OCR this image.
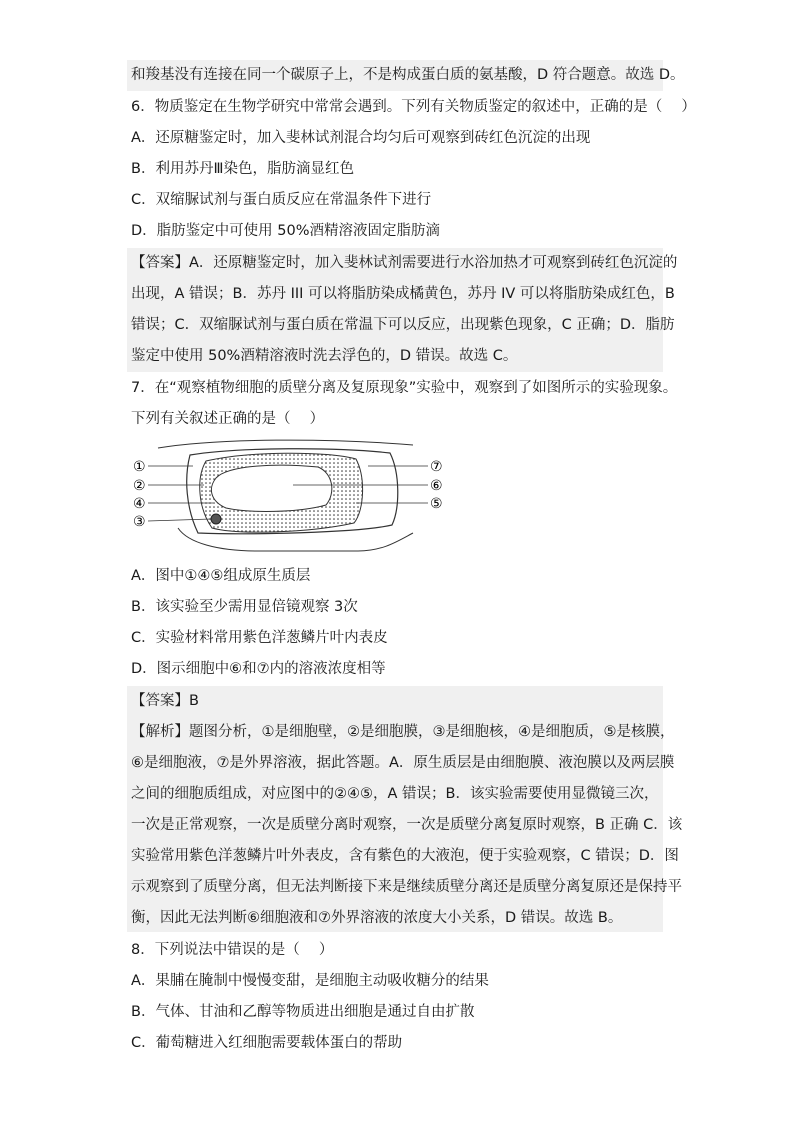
和羧基没有连接在同一个碳原子上，不是构成蛋白质的氨基酸，D 符合题意。故选 D。
6．物质鉴定在生物学研究中常常会遇到。下列有关物质鉴定的叙述中，正确的是（　 ）
A．还原糖鉴定时，加入斐林试剂混合均匀后可观察到砖红色沉淀的出现
B．利用苏丹Ⅲ染色，脂肪滴显红色
C．双缩脲试剂与蛋白质反应在常温条件下进行
D．脂肪鉴定中可使用 50%酒精溶液固定脂肪滴
【答案】A．还原糖鉴定时，加入斐林试剂需要进行水浴加热才可观察到砖红色沉淀的
出现，A 错误；B．苏丹 III 可以将脂肪染成橘黄色，苏丹 IV 可以将脂肪染成红色，B
错误；C．双缩脲试剂与蛋白质在常温下可以反应，出现紫色现象，C 正确；D．脂肪
鉴定中使用 50%酒精溶液时洗去浮色的，D 错误。故选 C。
7．在“观察植物细胞的质壁分离及复原现象”实验中，观察到了如图所示的实验现象。
下列有关叙述正确的是（　 ）
①
②
④
③
⑦
⑥
⑤
A．图中①④⑤组成原生质层
B．该实验至少需用显倍镜观察 3次
C．实验材料常用紫色洋葱鳞片叶内表皮
D．图示细胞中⑥和⑦内的溶液浓度相等
【答案】B
【解析】题图分析，①是细胞壁，②是细胞膜，③是细胞核，④是细胞质，⑤是核膜，
⑥是细胞液，⑦是外界溶液，据此答题。A．原生质层是由细胞膜、液泡膜以及两层膜
之间的细胞质组成，对应图中的②④⑤，A 错误；B．该实验需要使用显微镜三次，
一次是正常观察，一次是质壁分离时观察，一次是质壁分离复原时观察，B 正确 C．该
实验常用紫色洋葱鳞片叶外表皮，含有紫色的大液泡，便于实验观察，C 错误；D．图
示观察到了质壁分离，但无法判断接下来是继续质壁分离还是质壁分离复原还是保持平
衡，因此无法判断⑥细胞液和⑦外界溶液的浓度大小关系，D 错误。故选 B。
8．下列说法中错误的是（　 ）
A．果脯在腌制中慢慢变甜，是细胞主动吸收糖分的结果
B．气体、甘油和乙醇等物质进出细胞是通过自由扩散
C．葡萄糖进入红细胞需要载体蛋白的帮助
